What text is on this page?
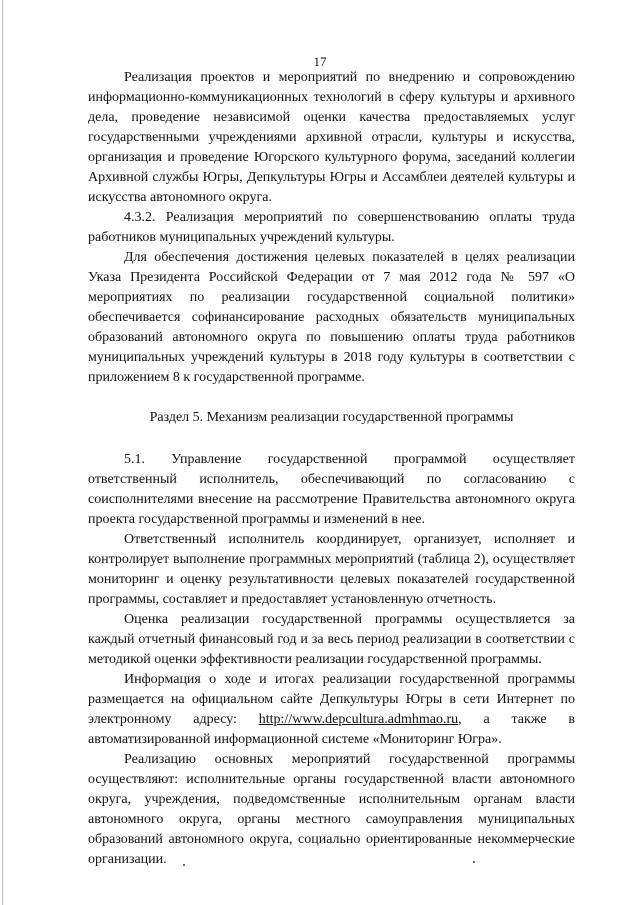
17

Реализация проектов и мероприятий по внедрению и сопровождению информационно-коммуникационных технологий в сферу культуры и архивного дела, проведение независимой оценки качества предоставляемых услуг государственными учреждениями архивной отрасли, культуры и искусства, организация и проведение Югорского культурного форума, заседаний коллегии Архивной службы Югры, Депкультуры Югры и Ассамблеи деятелей культуры и искусства автономного округа.

4.3.2. Реализация мероприятий по совершенствованию оплаты труда работников муниципальных учреждений культуры.

Для обеспечения достижения целевых показателей в целях реализации Указа Президента Российской Федерации от 7 мая 2012 года № 597 «О мероприятиях по реализации государственной социальной политики» обеспечивается софинансирование расходных обязательств муниципальных образований автономного округа по повышению оплаты труда работников муниципальных учреждений культуры в 2018 году культуры в соответствии с приложением 8 к государственной программе.

Раздел 5. Механизм реализации государственной программы

5.1. Управление государственной программой осуществляет ответственный исполнитель, обеспечивающий по согласованию с соисполнителями внесение на рассмотрение Правительства автономного округа проекта государственной программы и изменений в нее.

Ответственный исполнитель координирует, организует, исполняет и контролирует выполнение программных мероприятий (таблица 2), осуществляет мониторинг и оценку результативности целевых показателей государственной программы, составляет и предоставляет установленную отчетность.

Оценка реализации государственной программы осуществляется за каждый отчетный финансовый год и за весь период реализации в соответствии с методикой оценки эффективности реализации государственной программы.

Информация о ходе и итогах реализации государственной программы размещается на официальном сайте Депкультуры Югры в сети Интернет по электронному адресу: http://www.depcultura.admhmao.ru, а также в автоматизированной информационной системе «Мониторинг Югра».

Реализацию основных мероприятий государственной программы осуществляют: исполнительные органы государственной власти автономного округа, учреждения, подведомственные исполнительным органам власти автономного округа, органы местного самоуправления муниципальных образований автономного округа, социально ориентированные некоммерческие организации.
